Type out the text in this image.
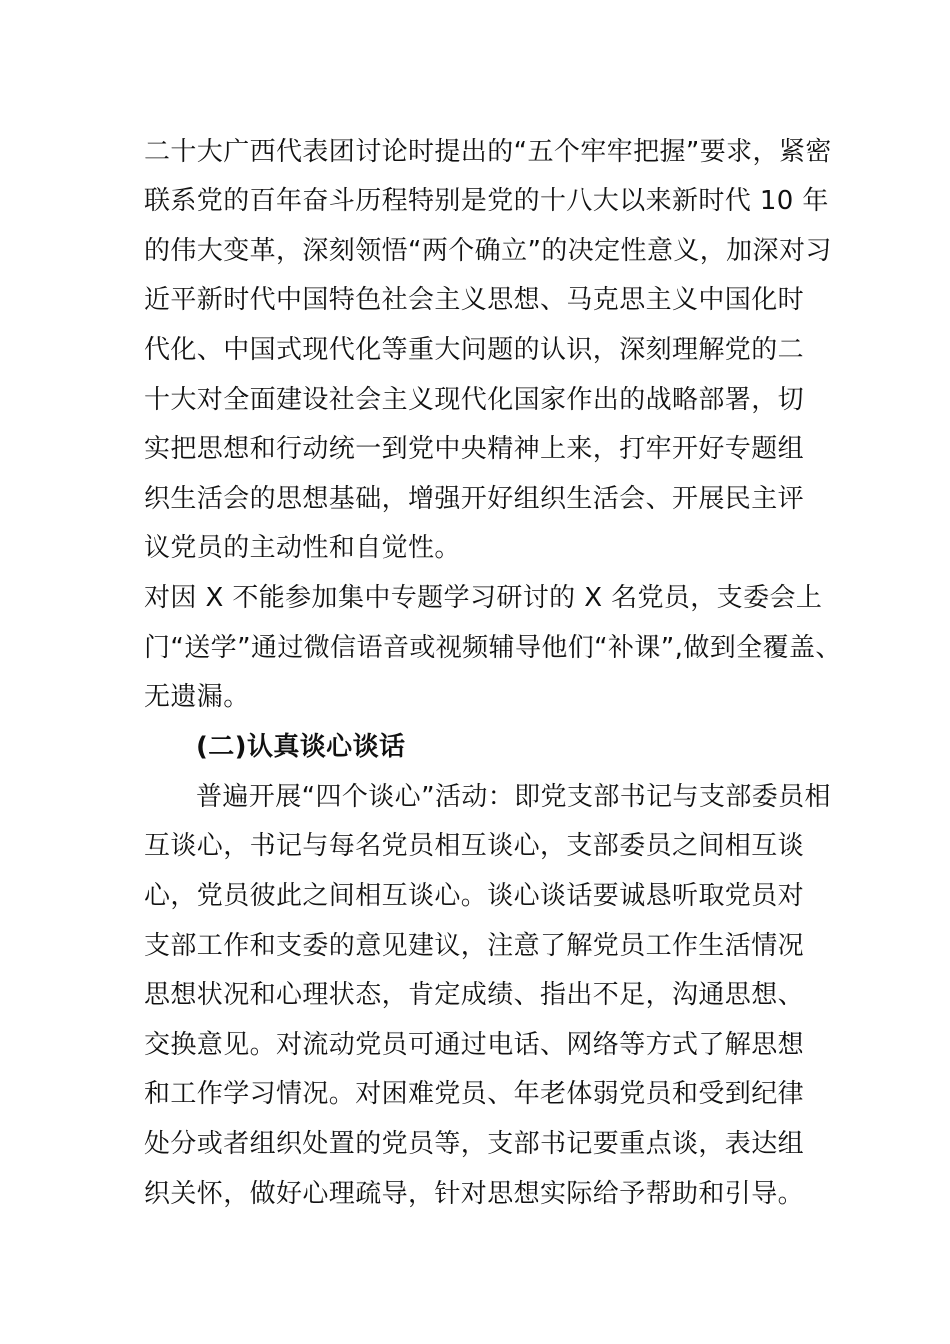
二十大广西代表团讨论时提出的“五个牢牢把握”要求，紧密
联系党的百年奋斗历程特别是党的十八大以来新时代 10 年
的伟大变革，深刻领悟“两个确立”的决定性意义，加深对习
近平新时代中国特色社会主义思想、马克思主义中国化时
代化、中国式现代化等重大问题的认识，深刻理解党的二
十大对全面建设社会主义现代化国家作出的战略部署，切
实把思想和行动统一到党中央精神上来，打牢开好专题组
织生活会的思想基础，增强开好组织生活会、开展民主评
议党员的主动性和自觉性。
对因 X 不能参加集中专题学习研讨的 X 名党员，支委会上
门“送学”通过微信语音或视频辅导他们“补课”,做到全覆盖、
无遗漏。
(二)认真谈心谈话
普遍开展“四个谈心”活动：即党支部书记与支部委员相
互谈心，书记与每名党员相互谈心，支部委员之间相互谈
心，党员彼此之间相互谈心。谈心谈话要诚恳听取党员对
支部工作和支委的意见建议，注意了解党员工作生活情况
思想状况和心理状态，肯定成绩、指出不足，沟通思想、
交换意见。对流动党员可通过电话、网络等方式了解思想
和工作学习情况。对困难党员、年老体弱党员和受到纪律
处分或者组织处置的党员等，支部书记要重点谈，表达组
织关怀，做好心理疏导，针对思想实际给予帮助和引导。
